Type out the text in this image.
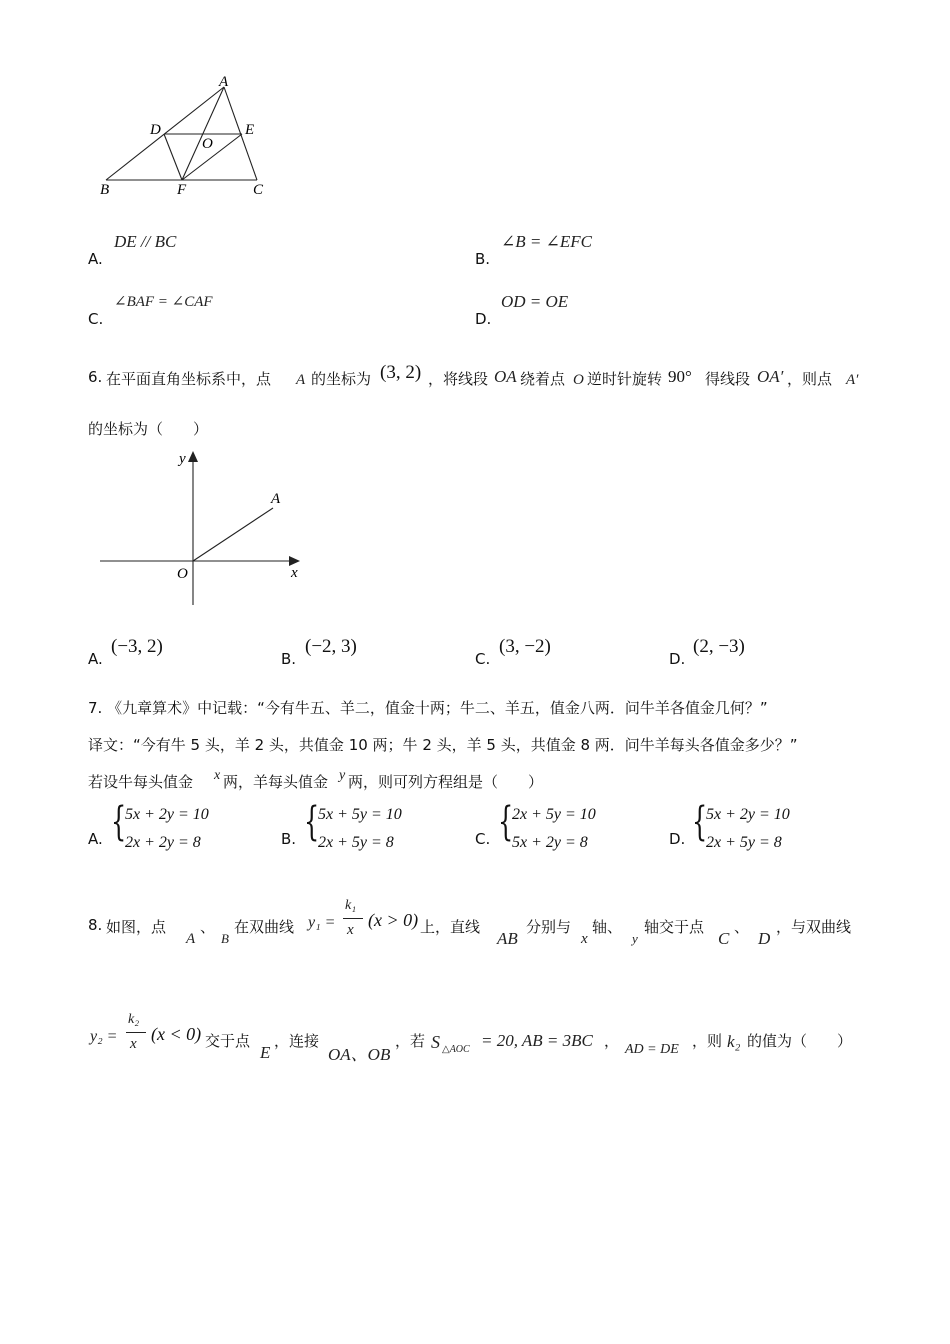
A
D	E
O
B	F	C
A.
DE // BC
B.
∠B = ∠EFC
C.
∠BAF = ∠CAF
D.
OD = OE
6. 在平面直角坐标系中，点 A 的坐标为 (3, 2) ，将线段 OA 绕着点 O 逆时针旋转 90° 得线段 OA′ ，则点 A′
的坐标为（　　）
y
A
O	x
A.
(−3, 2)
B.
(−2, 3)
C.
(3, −2)
D.
(2, −3)
7. 《九章算术》中记载：“今有牛五、羊二，值金十两；牛二、羊五，值金八两．问牛羊各值金几何？”
译文：“今有牛 5 头，羊 2 头，共值金 10 两；牛 2 头，羊 5 头，共值金 8 两．问牛羊每头各值金多少？”
若设牛每头值金 x 两，羊每头值金 y 两，则可列方程组是（　　）
A. {
5x + 2y = 10
2x + 2y = 8	B. {
5x + 5y = 10
2x + 5y = 8	C. {
2x + 5y = 10
5x + 2y = 8	D. {
5x + 2y = 10
2x + 5y = 8
8. 如图，点
A
、
B
在双曲线 y₁ =
k₁
x (x > 0) 上，直线
AB
分别与
x
轴、
y
轴交于点
C
、
D
，与双曲线
y₂ =
k₂
x (x < 0) 交于点
E
，连接
OA、OB
，若 S △AOC = 20, AB = 3BC ， AD = DE ，则 k₂ 的值为（　　）
